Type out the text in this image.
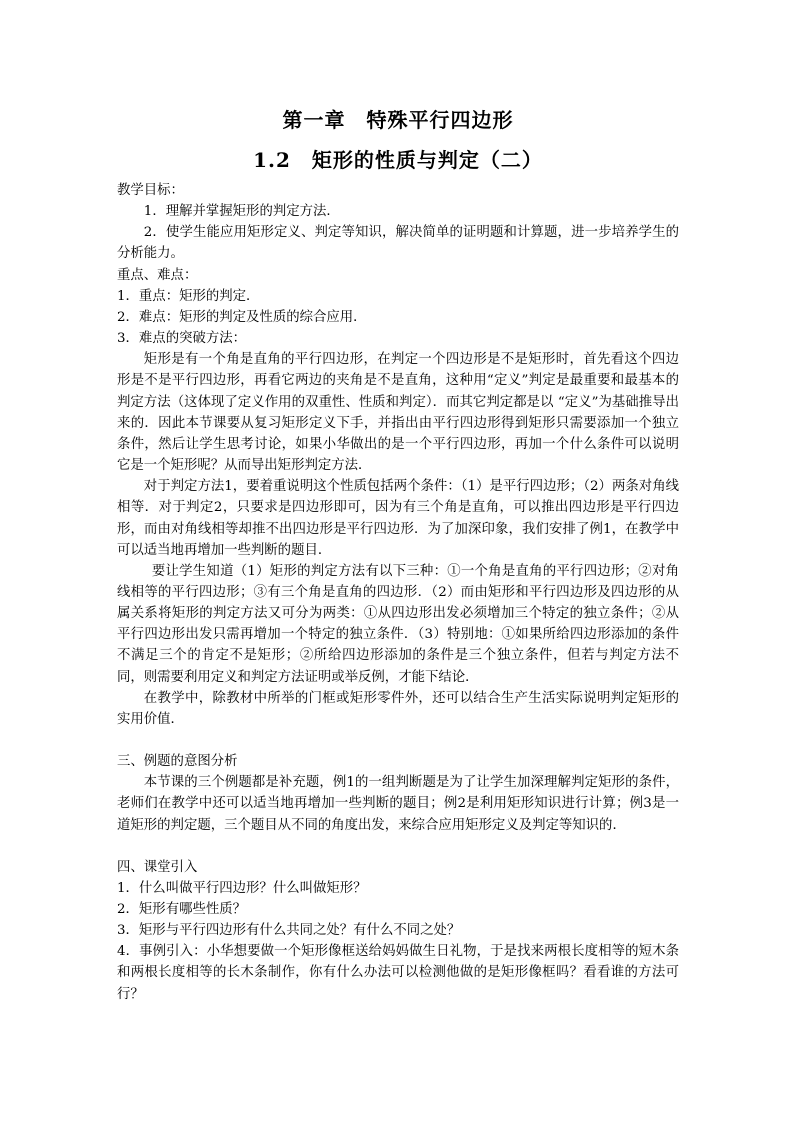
第一章　特殊平行四边形
1.2　矩形的性质与判定（二）

教学目标：

1．理解并掌握矩形的判定方法．

2．使学生能应用矩形定义、判定等知识，解决简单的证明题和计算题，进一步培养学生的分析能力。

重点、难点：

1．重点：矩形的判定．

2．难点：矩形的判定及性质的综合应用．

3．难点的突破方法：

矩形是有一个角是直角的平行四边形，在判定一个四边形是不是矩形时，首先看这个四边形是不是平行四边形，再看它两边的夹角是不是直角，这种用“定义”判定是最重要和最基本的判定方法（这体现了定义作用的双重性、性质和判定）．而其它判定都是以 “定义”为基础推导出来的．因此本节课要从复习矩形定义下手，并指出由平行四边形得到矩形只需要添加一个独立条件，然后让学生思考讨论，如果小华做出的是一个平行四边形，再加一个什么条件可以说明它是一个矩形呢？从而导出矩形判定方法．

对于判定方法1，要着重说明这个性质包括两个条件：（1）是平行四边形；（2）两条对角线相等．对于判定2，只要求是四边形即可，因为有三个角是直角，可以推出四边形是平行四边形，而由对角线相等却推不出四边形是平行四边形．为了加深印象，我们安排了例1，在教学中可以适当地再增加一些判断的题目．

要让学生知道（1）矩形的判定方法有以下三种：①一个角是直角的平行四边形；②对角线相等的平行四边形；③有三个角是直角的四边形．（2）而由矩形和平行四边形及四边形的从属关系将矩形的判定方法又可分为两类：①从四边形出发必须增加三个特定的独立条件；②从平行四边形出发只需再增加一个特定的独立条件．（3）特别地：①如果所给四边形添加的条件不满足三个的肯定不是矩形；②所给四边形添加的条件是三个独立条件，但若与判定方法不同，则需要利用定义和判定方法证明或举反例，才能下结论．

在教学中，除教材中所举的门框或矩形零件外，还可以结合生产生活实际说明判定矩形的实用价值．

三、例题的意图分析

本节课的三个例题都是补充题，例1的一组判断题是为了让学生加深理解判定矩形的条件，老师们在教学中还可以适当地再增加一些判断的题目；例2是利用矩形知识进行计算；例3是一道矩形的判定题，三个题目从不同的角度出发，来综合应用矩形定义及判定等知识的．

四、课堂引入

1．什么叫做平行四边形？什么叫做矩形？

2．矩形有哪些性质？

3．矩形与平行四边形有什么共同之处？有什么不同之处？

4．事例引入：小华想要做一个矩形像框送给妈妈做生日礼物，于是找来两根长度相等的短木条和两根长度相等的长木条制作，你有什么办法可以检测他做的是矩形像框吗？看看谁的方法可行？
